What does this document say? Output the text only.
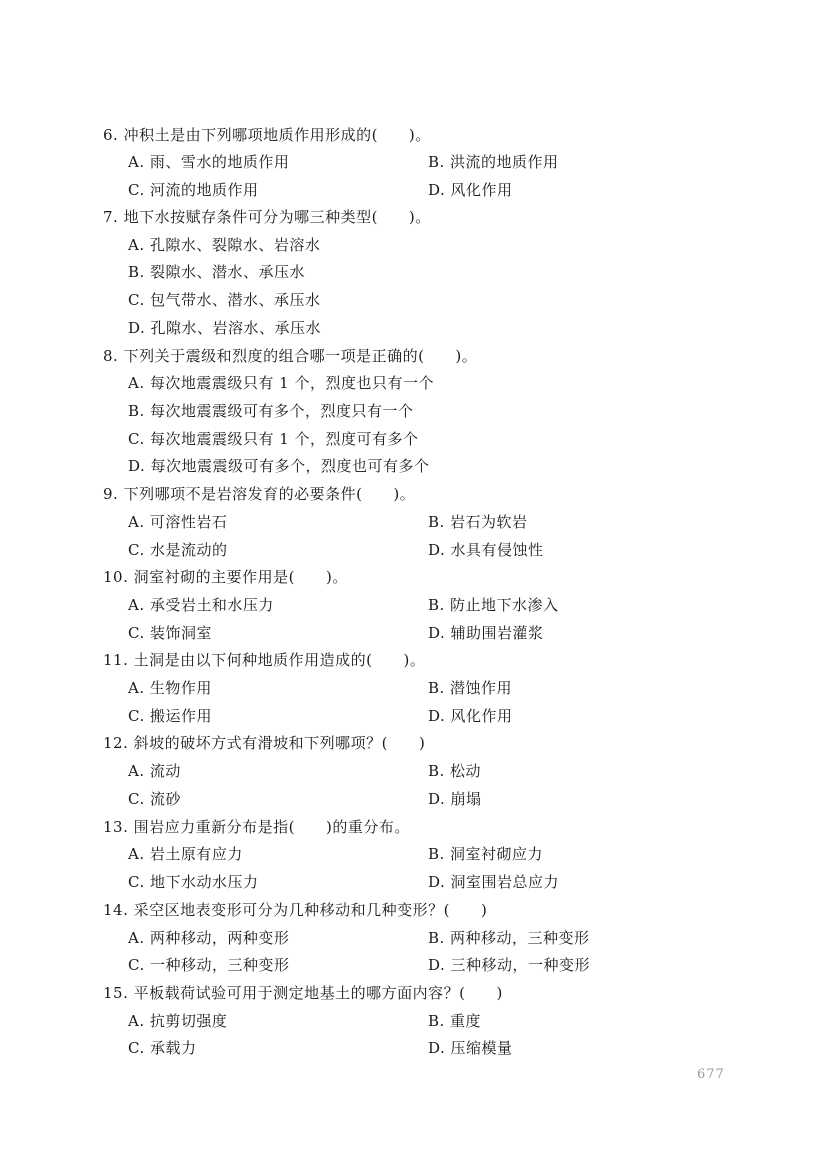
6. 冲积土是由下列哪项地质作用形成的(　　)。
A. 雨、雪水的地质作用	B. 洪流的地质作用
C. 河流的地质作用	D. 风化作用
7. 地下水按赋存条件可分为哪三种类型(　　)。
A. 孔隙水、裂隙水、岩溶水
B. 裂隙水、潜水、承压水
C. 包气带水、潜水、承压水
D. 孔隙水、岩溶水、承压水
8. 下列关于震级和烈度的组合哪一项是正确的(　　)。
A. 每次地震震级只有 1 个，烈度也只有一个
B. 每次地震震级可有多个，烈度只有一个
C. 每次地震震级只有 1 个，烈度可有多个
D. 每次地震震级可有多个，烈度也可有多个
9. 下列哪项不是岩溶发育的必要条件(　　)。
A. 可溶性岩石	B. 岩石为软岩
C. 水是流动的	D. 水具有侵蚀性
10. 洞室衬砌的主要作用是(　　)。
A. 承受岩土和水压力	B. 防止地下水渗入
C. 装饰洞室	D. 辅助围岩灌浆
11. 土洞是由以下何种地质作用造成的(　　)。
A. 生物作用	B. 潜蚀作用
C. 搬运作用	D. 风化作用
12. 斜坡的破坏方式有滑坡和下列哪项？(　　)
A. 流动	B. 松动
C. 流砂	D. 崩塌
13. 围岩应力重新分布是指(　　)的重分布。
A. 岩土原有应力	B. 洞室衬砌应力
C. 地下水动水压力	D. 洞室围岩总应力
14. 采空区地表变形可分为几种移动和几种变形？(　　)
A. 两种移动，两种变形	B. 两种移动，三种变形
C. 一种移动，三种变形	D. 三种移动，一种变形
15. 平板载荷试验可用于测定地基土的哪方面内容？(　　)
A. 抗剪切强度	B. 重度
C. 承载力	D. 压缩模量
677
